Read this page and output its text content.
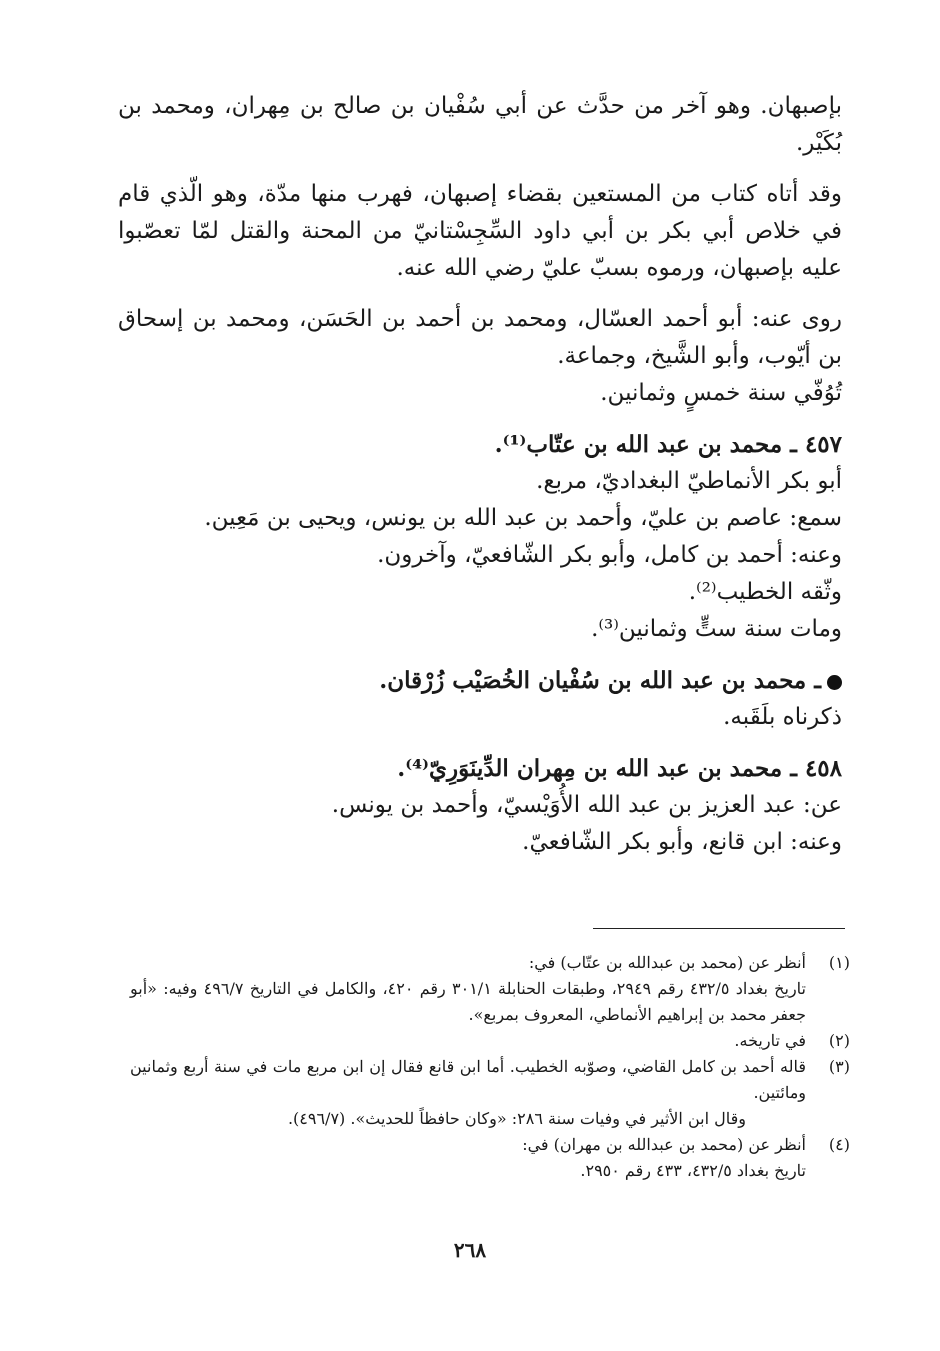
بإصبهان. وهو آخر من حدَّث عن أبي سُفْيان بن صالح بن مِهران، ومحمد بن بُكَيْر.

وقد أتاه كتاب من المستعين بقضاء إصبهان، فهرب منها مدّة، وهو الّذي قام في خلاص أبي بكر بن أبي داود السِّجِسْتانيّ من المحنة والقتل لمّا تعصّبوا عليه بإصبهان، ورموه بسبّ عليّ رضي الله عنه.

روى عنه: أبو أحمد العسّال، ومحمد بن أحمد بن الحَسَن، ومحمد بن إسحاق بن أيّوب، وأبو الشَّيخ، وجماعة.

تُوُفّي سنة خمسٍ وثمانين.

٤٥٧ ـ محمد بن عبد الله بن عتّاب⁽¹⁾.

أبو بكر الأنماطيّ البغداديّ، مربع.

سمع: عاصم بن عليّ، وأحمد بن عبد الله بن يونس، ويحيى بن مَعِين.

وعنه: أحمد بن كامل، وأبو بكر الشّافعيّ، وآخرون.

وثّقه الخطيب⁽²⁾.

ومات سنة ستٍّ وثمانين⁽³⁾.

ـ محمد بن عبد الله بن سُفْيان الخُصَيْب زُرْقان.

ذكرناه بلَقَبه.

٤٥٨ ـ محمد بن عبد الله بن مِهران الدِّينَوَرِيّ⁽⁴⁾.

عن: عبد العزيز بن عبد الله الأُوَيْسيّ، وأحمد بن يونس.

وعنه: ابن قانع، وأبو بكر الشّافعيّ.

(١)

أنظر عن (محمد بن عبدالله بن عتّاب) في:

تاريخ بغداد ٤٣٢/٥ رقم ٢٩٤٩، وطبقات الحنابلة ٣٠١/١ رقم ٤٢٠، والكامل في التاريخ ٤٩٦/٧ وفيه: «أبو جعفر محمد بن إبراهيم الأنماطي، المعروف بمربع».

(٢)

في تاريخه.

(٣)

قاله أحمد بن كامل القاضي، وصوّبه الخطيب. أما ابن قانع فقال إن ابن مربع مات في سنة أربع وثمانين ومائتين.

وقال ابن الأثير في وفيات سنة ٢٨٦: «وكان حافظاً للحديث». (٤٩٦/٧).

(٤)

أنظر عن (محمد بن عبدالله بن مهران) في:

تاريخ بغداد ٤٣٢/٥، ٤٣٣ رقم ٢٩٥٠.

٢٦٨
